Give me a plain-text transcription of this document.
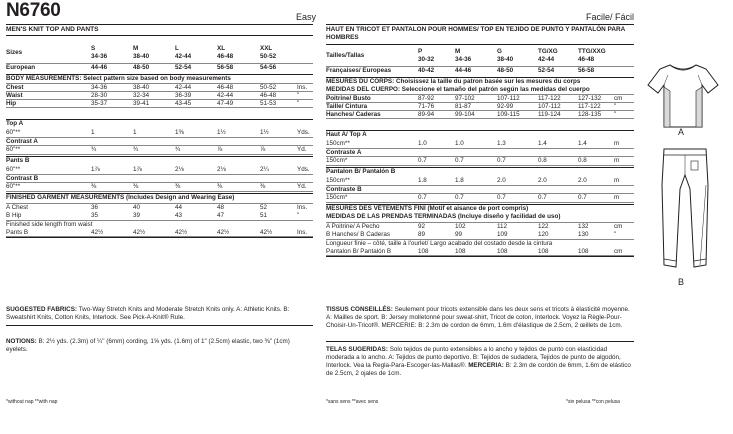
N6760	Easy
MEN'S KNIT TOP AND PANTS
Sizes
S	M	L	XL	XXL
34-36	38-40	42-44	46-48	50-52
European	44-46	48-50	52-54	56-58	54-56
BODY MEASUREMENTS: Select pattern size based on body measurements
Chest	34-36	38-40	42-44	46-48	50-52	Ins.
Waist	28-30	32-34	36-39	42-44	46-48	"
Hip	35-37	39-41	43-45	47-49	51-53	"
Top A
60"**	1	1	1⅜	1½	1½	Yds.
Contrast A
60"**	¾	¾	¾	⅞	⅞	Yd.
Pants B
60"**	1⅞	1⅞	2⅛	2⅛	2¼	Yds.
Contrast B
60"**	⅜	⅜	⅜	⅜	⅜	Yd.
FINISHED GARMENT MEASUREMENTS (Includes Design and Wearing Ease)
A Chest	36	40	44	48	52	Ins.
B Hip	35	39	43	47	51	"
Finished side length from waist
Pants B	42½	42½	42½	42½	42½	Ins.
SUGGESTED FABRICS: Two-Way Stretch Knits and Moderate Stretch Knits only. A: Athletic Knits. B: Sweatshirt Knits, Cotton Knits, Interlock. See Pick-A-Knit® Rule.
NOTIONS: B: 2½ yds. (2.3m) of ¼" (6mm) cording, 1⅝ yds. (1.6m) of 1" (2.5cm) elastic, two ⅜" (1cm) eyelets.
*without nap **with nap
Facile/ Fácil
HAUT EN TRICOT ET PANTALON POUR HOMMES/ TOP EN TEJIDO DE PUNTO Y PANTALÓN PARA HOMBRES
Tailles/Tallas
P	M	G	TG/XG	TTG/XXG
30-32	34-36	38-40	42-44	46-48
Françaises/ Europeas	40-42	44-46	48-50	52-54	56-58
MESURES DU CORPS: Choisissez la taille du patron basée sur les mesures du corps
MEDIDAS DEL CUERPO: Seleccione el tamaño del patrón según las medidas del cuerpo
Poitrine/ Busto	87-92	97-102	107-112	117-122	127-132 cm
Taille/ Cintura	71-76	81-87	92-99	107-112	117-122 "
Hanches/ Caderas	89-94	99-104	109-115	119-124	128-135 "
Haut A/ Top A
150cm**	1.0	1.0	1.3	1.4	1.4	m
Contraste A
150cm*	0.7	0.7	0.7	0.8	0.8	m
Pantalon B/ Pantalón B
150cm**	1.8	1.8	2.0	2.0	2.0	m
Contraste B
150cm*	0.7	0.7	0.7	0.7	0.7	m
MESURES DES VÊTEMENTS FINI (Motif et aisance de port compris)
MEDIDAS DE LAS PRENDAS TERMINADAS (Incluye diseño y facilidad de uso)
A Poitrine/ A Pecho	92	102	112	122	132	cm
B Hanches/ B Caderas	89	99	109	120	130	"
Longueur finie – côté, taille à l'ourlet/ Largo acabado del costado desde la cintura
Pantalon B/ Pantalón B	108	108	108	108	108	cm
TISSUS CONSEILLÉS: Seulement pour tricots extensible dans les deux sens et tricots à élasticité moyenne. A: Mailles de sport. B: Jersey molletonné pour sweat-shirt, Tricot de coton, Interlock. Voyez la Règle-Pour-Choisir-Un-Tricot®. MERCERIE: B: 2.3m de cordon de 6mm, 1.6m d'élastique de 2.5cm, 2 œillets de 1cm.
TELAS SUGERIDAS: Solo tejidos de punto extensibles a lo ancho y tejidos de punto con elasticidad moderada a lo ancho. A: Tejidos de punto deportivo. B: Tejidos de sudadera, Tejidos de punto de algodón, Interlock. Vea la Regla-Para-Escoger-las-Mallas®. MERCERIA: B: 2.3m de cordón de 6mm, 1.6m de elástico de 2.5cm, 2 ojales de 1cm.
*sans sens **avec sens	*sin pelusa **con pelusa
A
B
